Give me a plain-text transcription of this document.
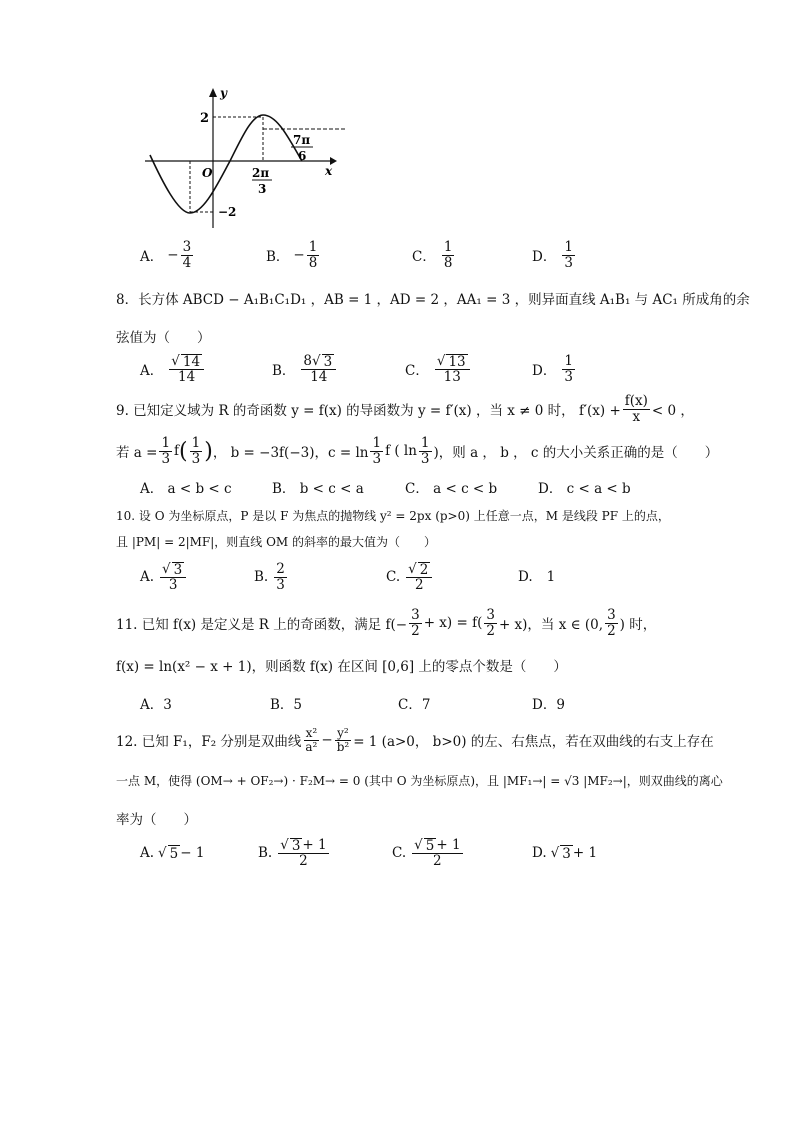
y
x
O
2
−2
2π
3
7π
6
A． − $\frac{3}{4}$	B． − $\frac{1}{8}$	C． $\frac{1}{8}$	D． $\frac{1}{3}$
8．长方体 ABCD − A₁B₁C₁D₁ ，AB = 1 ，AD = 2 ，AA₁ = 3 ，则异面直线 A₁B₁ 与 AC₁ 所成角的余
弦值为（　　）
A． $\frac{√ 14}{14}$	B． $\frac{8 √ 3}{14}$	C． $\frac{√ 13}{13}$	D． $\frac{1}{3}$
9. 已知定义域为 R 的奇函数 y = f(x) 的导函数为 y = f′(x) ，当 x ≠ 0 时， $f'(x) + \frac{f(x)}{x} < 0$ ，
若 $a = \frac{1}{3}$ f ( $\frac{1}{3}$ ) ， b = −3f(−3)，$c = \ln \frac{1}{3}$ f ( $\ln \frac{1}{3}$ )，则 a ， b ， c 的大小关系正确的是（　　）
A． a < b < c	B． b < c < a	C． a < c < b	D． c < a < b
10. 设 O 为坐标原点，P 是以 F 为焦点的抛物线 y² = 2px (p>0) 上任意一点，M 是线段 PF 上的点，
且 |PM| = 2|MF|，则直线 OM 的斜率的最大值为（　　）
A. $\frac{√ 3}{3}$	B. $\frac{2}{3}$	C. $\frac{√ 2}{2}$	D. 1
11. 已知 f(x) 是定义是 R 上的奇函数，满足 $f(- \frac{3}{2} + x) = f( \frac{3}{2} + x)$，当 x ∈ (0, $\frac{3}{2}$ ) 时，
f(x) = ln(x² − x + 1)，则函数 f(x) 在区间 [0,6] 上的零点个数是（　　）
A．3	B．5	C．7	D．9
12. 已知 F₁，F₂ 分别是双曲线 $\frac{\text{x²}}{\text{a²}} - \frac{\text{y²}}{\text{b²}} = 1$ (a>0， b>0) 的左、右焦点，若在双曲线的右支上存在
一点 M，使得 (OM→ + OF₂→) · F₂M→ = 0 (其中 O 为坐标原点)，且 |MF₁→| = √3 |MF₂→|，则双曲线的离心
率为（　　）
A. √ 5 − 1	B. $\frac{√ 3 + 1}{2}$	C. $\frac{√ 5 + 1}{2}$	D. √ 3 + 1
